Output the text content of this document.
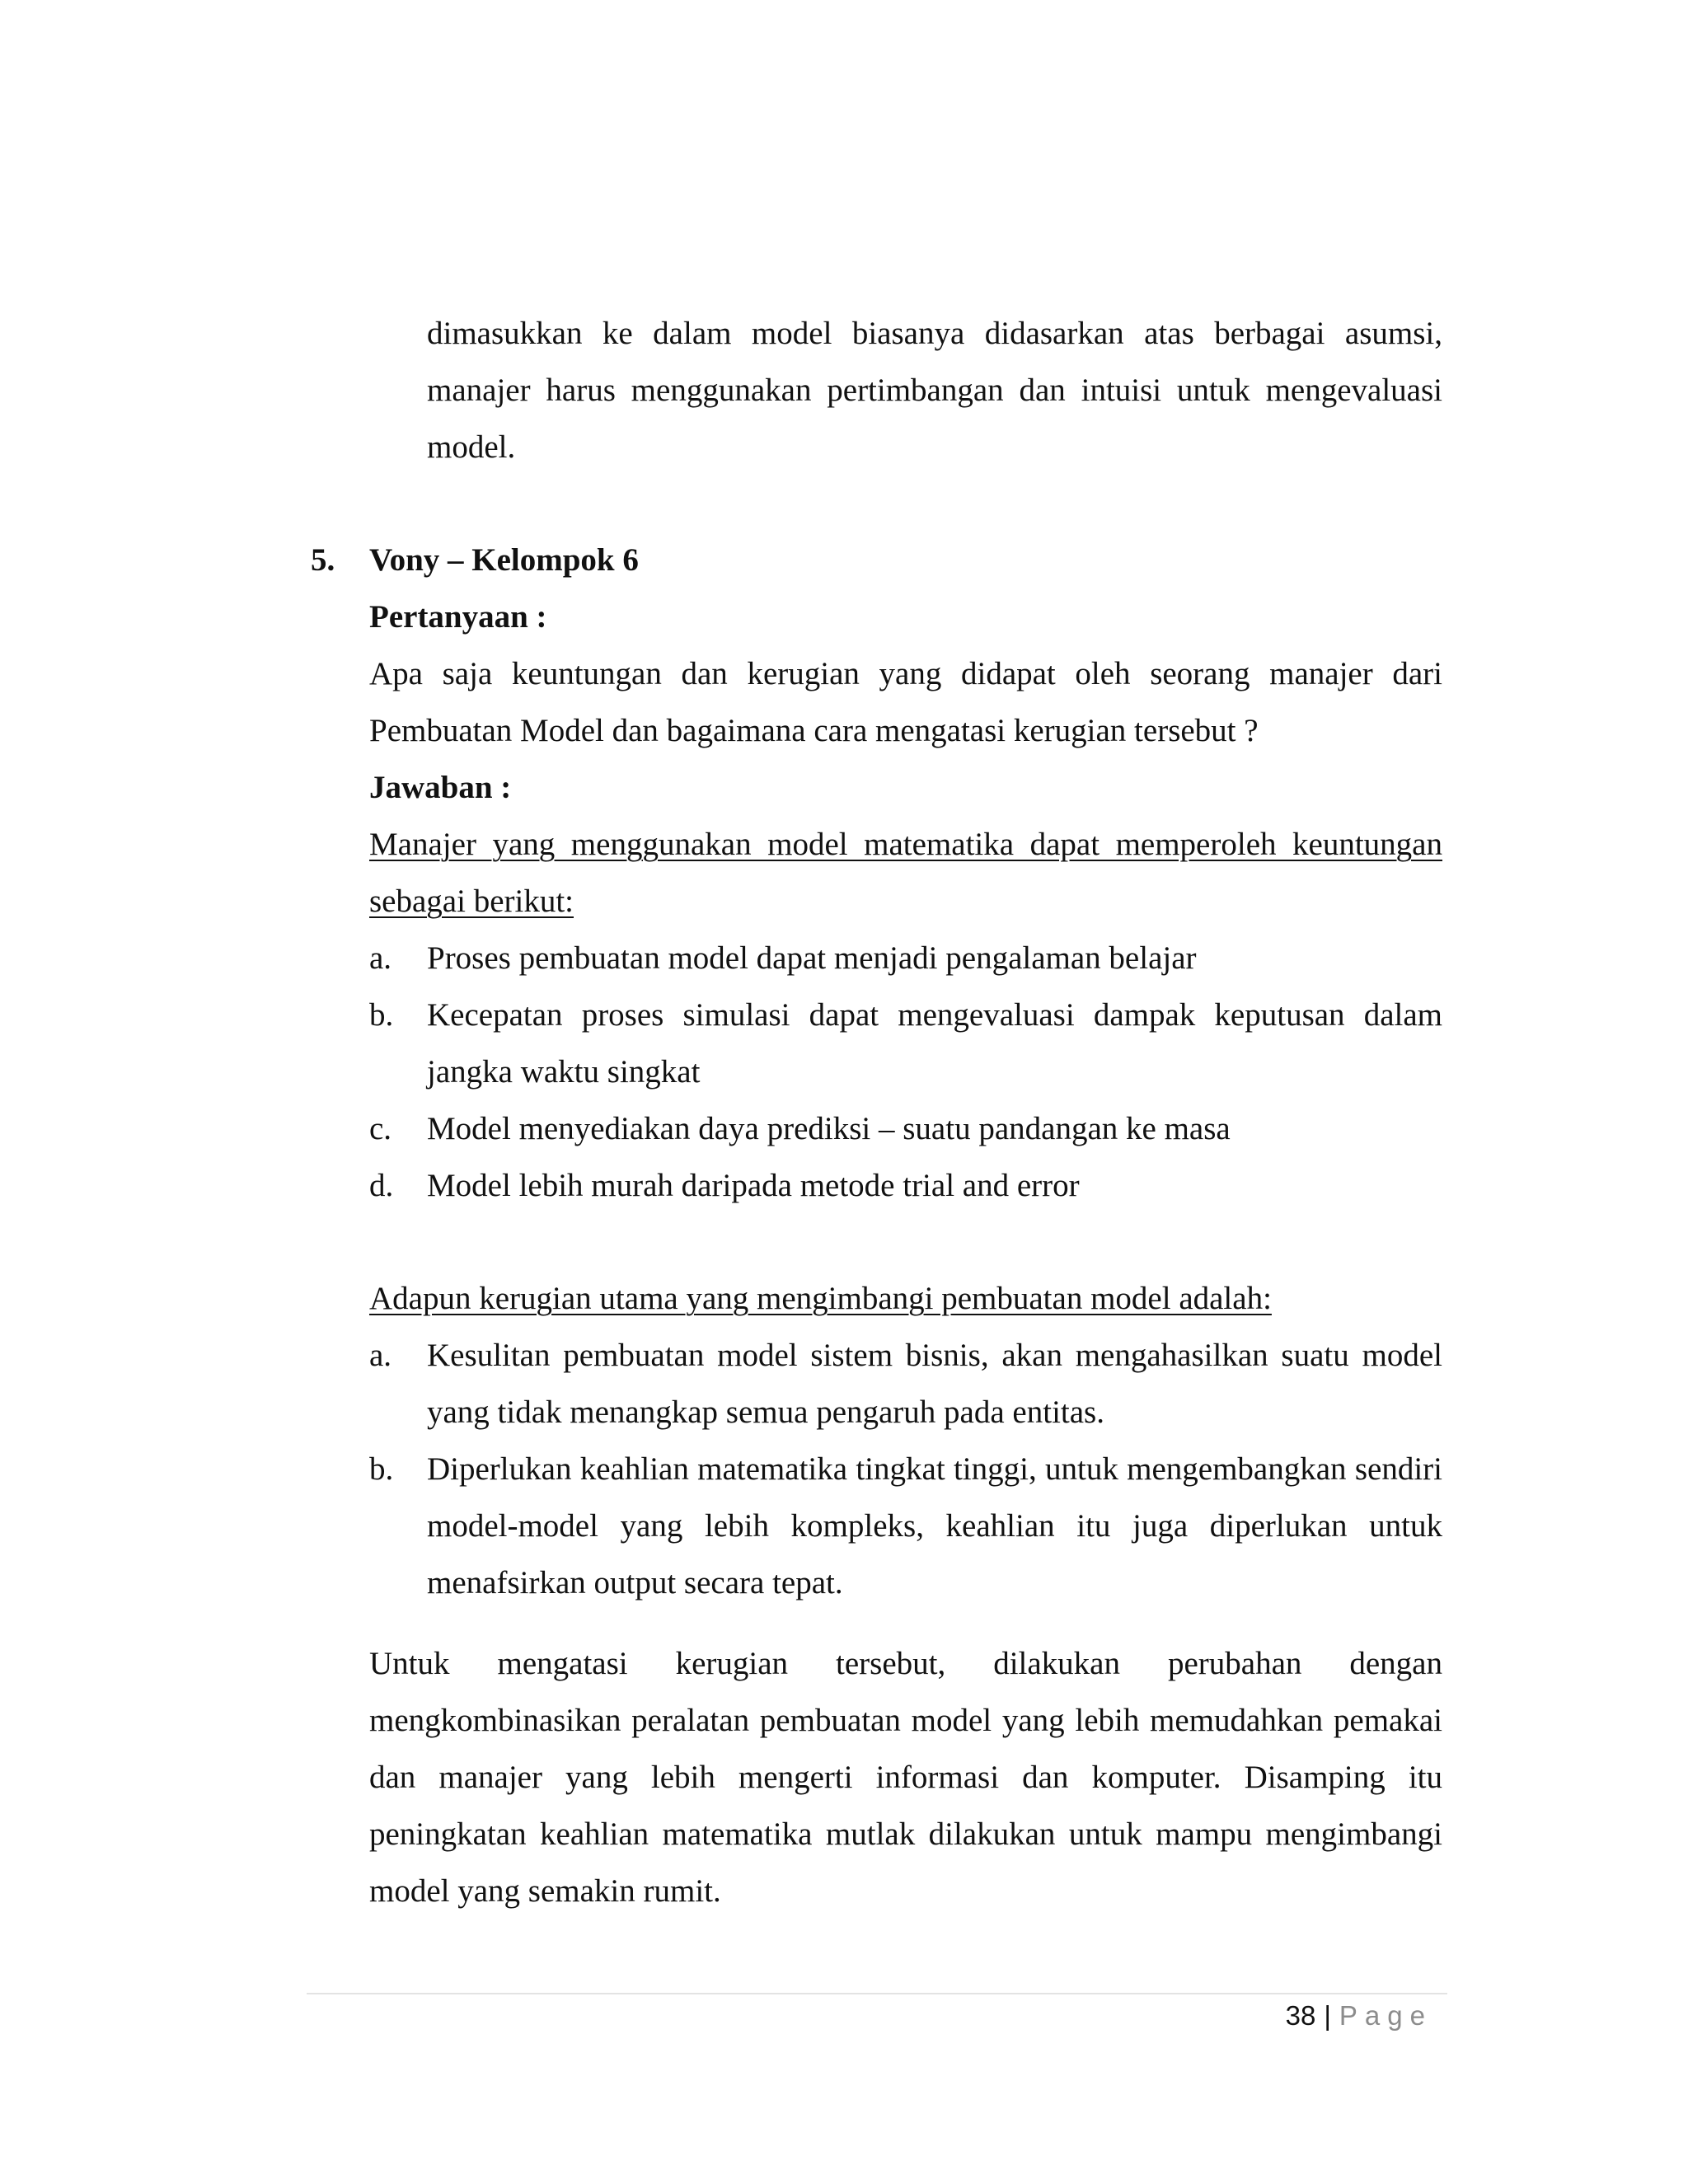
dimasukkan ke dalam model biasanya didasarkan atas berbagai asumsi, manajer harus menggunakan pertimbangan dan intuisi untuk mengevaluasi model.

5. Vony – Kelompok 6
Pertanyaan :

Apa saja keuntungan dan kerugian yang didapat oleh seorang manajer dari Pembuatan Model dan bagaimana cara mengatasi kerugian tersebut ?

Jawaban :

Manajer yang menggunakan model matematika dapat memperoleh keuntungan sebagai berikut:

a.	Proses pembuatan model dapat menjadi pengalaman belajar
b.	Kecepatan proses simulasi dapat mengevaluasi dampak keputusan dalam jangka waktu singkat
c.	Model menyediakan daya prediksi – suatu pandangan ke masa
d.	Model lebih murah daripada metode trial and error

Adapun kerugian utama yang mengimbangi pembuatan model adalah:

a.	Kesulitan pembuatan model sistem bisnis, akan mengahasilkan suatu model yang tidak menangkap semua pengaruh pada entitas.
b.	Diperlukan keahlian matematika tingkat tinggi, untuk mengembangkan sendiri model-model yang lebih kompleks, keahlian itu juga diperlukan untuk menafsirkan output secara tepat.

Untuk mengatasi kerugian tersebut, dilakukan perubahan dengan mengkombinasikan peralatan pembuatan model yang lebih memudahkan pemakai dan manajer yang lebih mengerti informasi dan komputer. Disamping itu peningkatan keahlian matematika mutlak dilakukan untuk mampu mengimbangi model yang semakin rumit.

38 | Page
